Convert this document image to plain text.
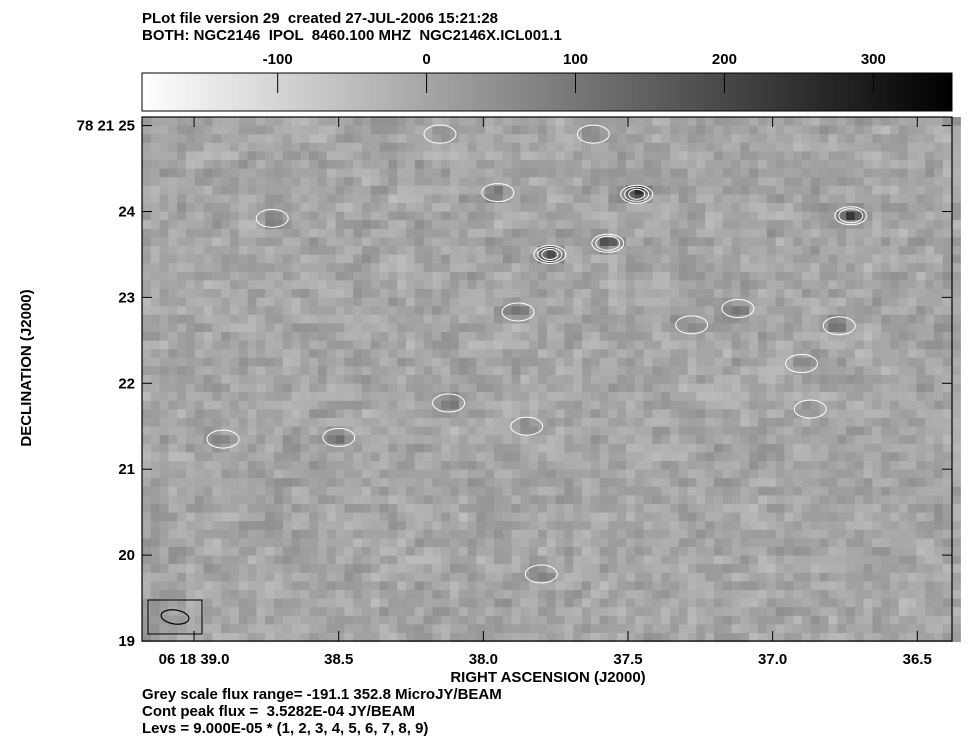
PLot file version 29  created 27-JUL-2006 15:21:28
BOTH: NGC2146  IPOL  8460.100 MHZ  NGC2146X.ICL001.1
-100	0	100	200	300
06 18 39.0	38.5	38.0	37.5	37.0	36.5
78 21 25
24
23
22
21
20
19
RIGHT ASCENSION (J2000)
DECLINATION (J2000)
Grey scale flux range= -191.1 352.8 MicroJY/BEAM
Cont peak flux =  3.5282E-04 JY/BEAM
Levs = 9.000E-05 * (1, 2, 3, 4, 5, 6, 7, 8, 9)
